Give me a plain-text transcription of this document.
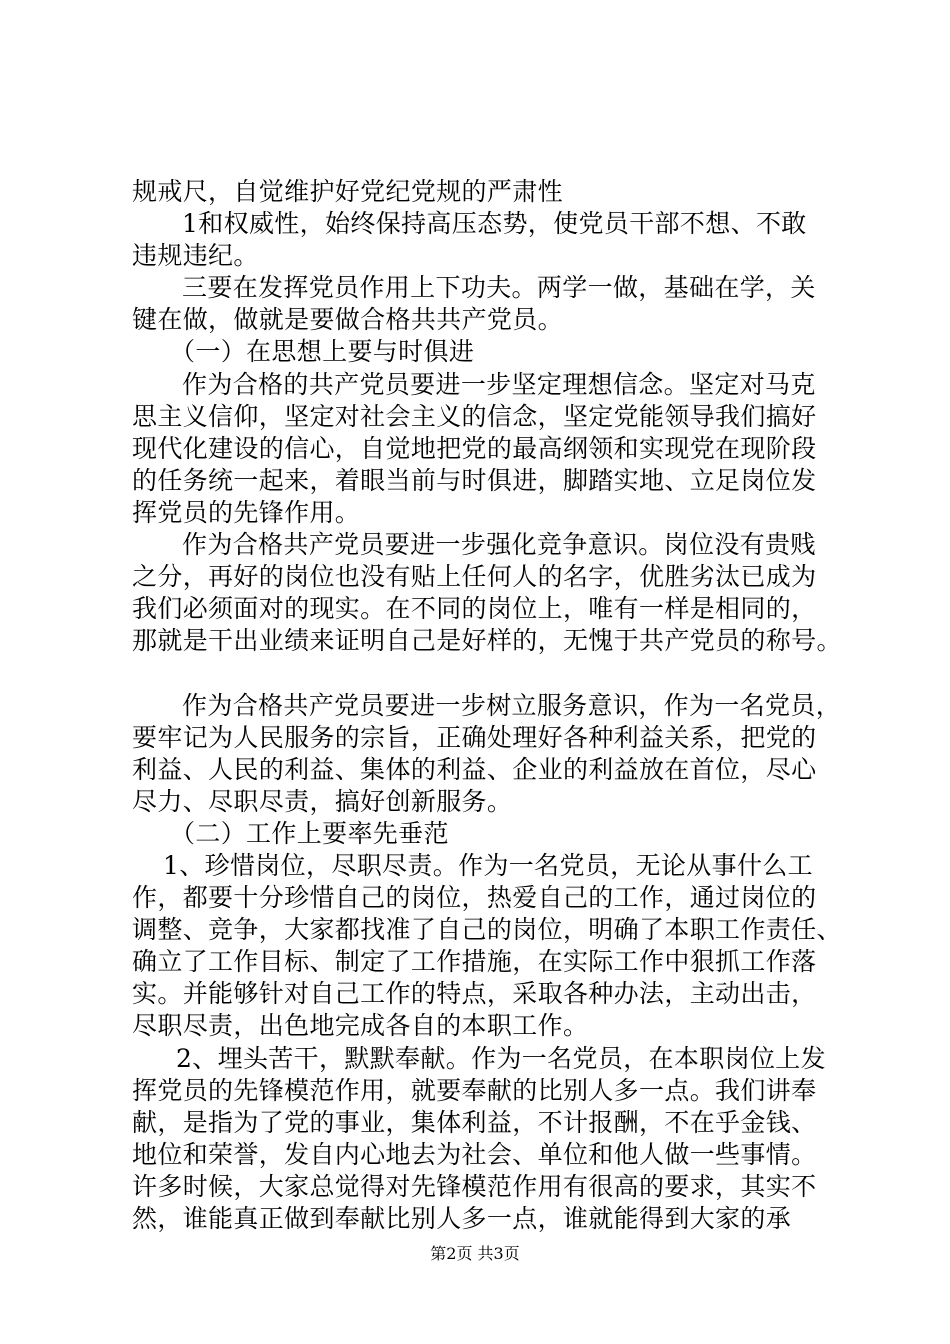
规戒尺，自觉维护好党纪党规的严肃性
1和权威性，始终保持高压态势，使党员干部不想、不敢
违规违纪。
三要在发挥党员作用上下功夫。两学一做，基础在学，关
键在做，做就是要做合格共共产党员。
（一）在思想上要与时俱进
作为合格的共产党员要进一步坚定理想信念。坚定对马克
思主义信仰，坚定对社会主义的信念，坚定党能领导我们搞好
现代化建设的信心，自觉地把党的最高纲领和实现党在现阶段
的任务统一起来，着眼当前与时俱进，脚踏实地、立足岗位发
挥党员的先锋作用。
作为合格共产党员要进一步强化竞争意识。岗位没有贵贱
之分，再好的岗位也没有贴上任何人的名字，优胜劣汰已成为
我们必须面对的现实。在不同的岗位上，唯有一样是相同的，
那就是干出业绩来证明自己是好样的，无愧于共产党员的称号。
作为合格共产党员要进一步树立服务意识，作为一名党员，
要牢记为人民服务的宗旨，正确处理好各种利益关系，把党的
利益、人民的利益、集体的利益、企业的利益放在首位，尽心
尽力、尽职尽责，搞好创新服务。
（二）工作上要率先垂范
1、珍惜岗位，尽职尽责。作为一名党员，无论从事什么工
作，都要十分珍惜自己的岗位，热爱自己的工作，通过岗位的
调整、竞争，大家都找准了自己的岗位，明确了本职工作责任、
确立了工作目标、制定了工作措施，在实际工作中狠抓工作落
实。并能够针对自己工作的特点，采取各种办法，主动出击，
尽职尽责，出色地完成各自的本职工作。
2、埋头苦干，默默奉献。作为一名党员，在本职岗位上发
挥党员的先锋模范作用，就要奉献的比别人多一点。我们讲奉
献，是指为了党的事业，集体利益，不计报酬，不在乎金钱、
地位和荣誉，发自内心地去为社会、单位和他人做一些事情。
许多时候，大家总觉得对先锋模范作用有很高的要求，其实不
然，谁能真正做到奉献比别人多一点，谁就能得到大家的承
第2页 共3页
